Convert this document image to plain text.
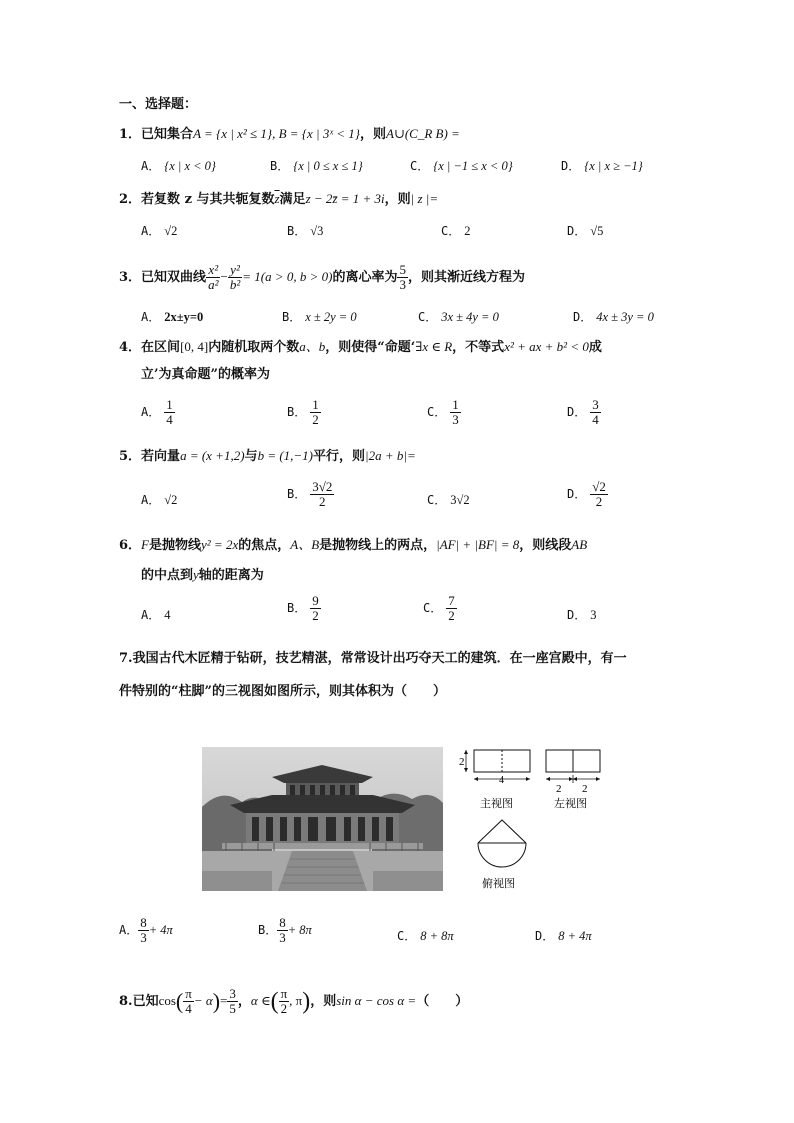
一、选择题：
1．已知集合A = {x | x² ≤ 1}, B = {x | 3ˣ < 1}，则A∪(C_R B) =
A． {x | x < 0}	B． {x | 0 ≤ x ≤ 1}	C． {x | −1 ≤ x < 0}	D． {x | x ≥ −1}
2．若复数 z 与其共轭复数$\overline{z}$满足z − 2z̄ = 1 + 3i，则| z |=
A． √2	B． √3	C． 2	D． √5
3．已知双曲线 $\frac{\text{x²}}{\text{a²}} - \frac{\text{y²}}{\text{b²}} = 1(a > 0$, b > 0)的离心率为 $\frac{5}{3}$ ，则其渐近线方程为
A． 2x±y=0	B． x ± 2y = 0	C． 3x ± 4y = 0	D． 4x ± 3y = 0
4．在区间[0, 4]内随机取两个数a、b，则使得“命题‘∃x ∈ R，不等式x² + ax + b² < 0成
立’为真命题”的概率为
A． $\frac{1}{4}$	B． $\frac{1}{2}$	C． $\frac{1}{3}$	D． $\frac{3}{4}$
5．若向量a = (x +1,2)与b = (1,−1)平行，则|2a + b|=
A． √2	B． $\frac{3√2}{2}$	C． 3√2	D． $\frac{√2}{2}$
6．F是抛物线y² = 2x的焦点，A、B是抛物线上的两点，|AF| + |BF| = 8，则线段AB
的中点到y轴的距离为
A． 4	B． $\frac{9}{2}$	C． $\frac{7}{2}$	D． 3
7.我国古代木匠精于钻研，技艺精湛，常常设计出巧夺天工的建筑．在一座宫殿中，有一
件特别的“柱脚”的三视图如图所示，则其体积为（　　）
2
4
主视图
2 2
左视图
俯视图
A． $\frac{8}{3} + 4\pi$	B． $\frac{8}{3} + 8\pi$	C． 8 + 8π	D． 8 + 4π
8.已知$\cos( \frac{\pi}{4} - \alpha)= \frac{3}{5}$ ，α ∈( $\frac{\pi}{2}$ , π)，则sin α − cos α =（　　）
